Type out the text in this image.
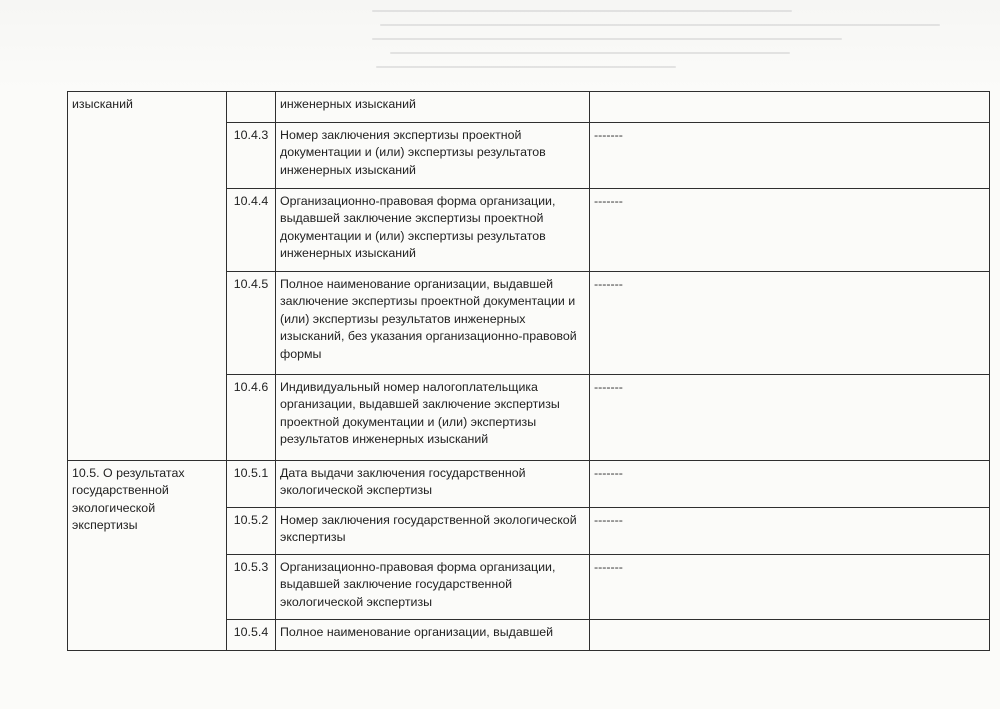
изысканий		инженерных изысканий	
	10.4.3	Номер заключения экспертизы проектной документации и (или) экспертизы результатов инженерных изысканий	-------
	10.4.4	Организационно-правовая форма организации, выдавшей заключение экспертизы проектной документации и (или) экспертизы результатов инженерных изысканий	-------
	10.4.5	Полное наименование организации, выдавшей заключение экспертизы проектной документации и (или) экспертизы результатов инженерных изысканий, без указания организационно-правовой формы	-------
	10.4.6	Индивидуальный номер налогоплательщика организации, выдавшей заключение экспертизы проектной документации и (или) экспертизы результатов инженерных изысканий	-------
10.5. О результатах государственной экологической экспертизы	10.5.1	Дата выдачи заключения государственной экологической экспертизы	-------
	10.5.2	Номер заключения государственной экологической экспертизы	-------
	10.5.3	Организационно-правовая форма организации, выдавшей заключение государственной экологической экспертизы	-------
	10.5.4	Полное наименование организации, выдавшей	
